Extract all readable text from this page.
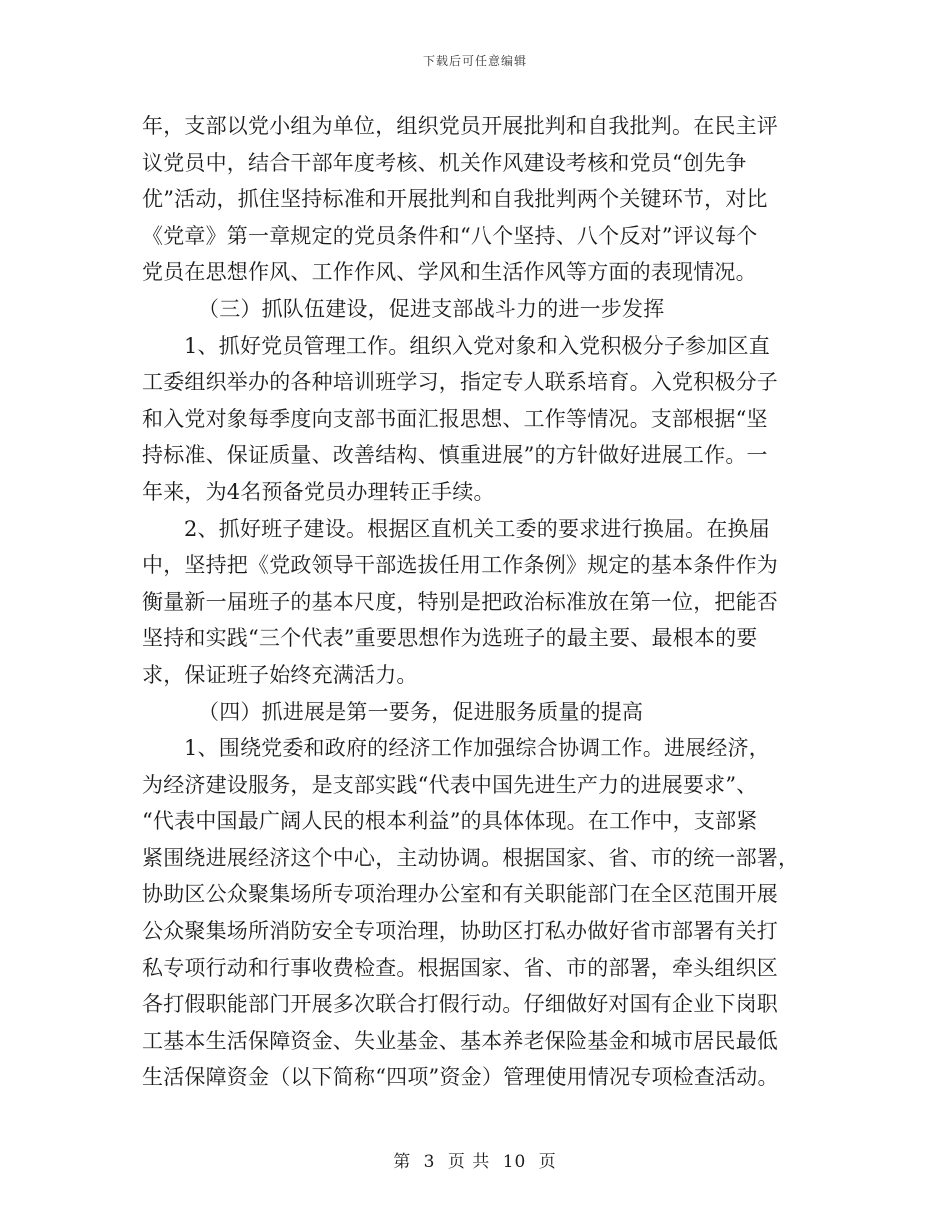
下载后可任意编辑
年，支部以党小组为单位，组织党员开展批判和自我批判。在民主评
议党员中，结合干部年度考核、机关作风建设考核和党员“创先争
优”活动，抓住坚持标准和开展批判和自我批判两个关键环节，对比
《党章》第一章规定的党员条件和“八个坚持、八个反对”评议每个
党员在思想作风、工作作风、学风和生活作风等方面的表现情况。
（三）抓队伍建设，促进支部战斗力的进一步发挥
1、抓好党员管理工作。组织入党对象和入党积极分子参加区直
工委组织举办的各种培训班学习，指定专人联系培育。入党积极分子
和入党对象每季度向支部书面汇报思想、工作等情况。支部根据“坚
持标准、保证质量、改善结构、慎重进展”的方针做好进展工作。一
年来，为4名预备党员办理转正手续。
2、抓好班子建设。根据区直机关工委的要求进行换届。在换届
中，坚持把《党政领导干部选拔任用工作条例》规定的基本条件作为
衡量新一届班子的基本尺度，特别是把政治标准放在第一位，把能否
坚持和实践“三个代表”重要思想作为选班子的最主要、最根本的要
求，保证班子始终充满活力。
（四）抓进展是第一要务，促进服务质量的提高
1、围绕党委和政府的经济工作加强综合协调工作。进展经济，
为经济建设服务，是支部实践“代表中国先进生产力的进展要求”、
“代表中国最广阔人民的根本利益”的具体体现。在工作中，支部紧
紧围绕进展经济这个中心，主动协调。根据国家、省、市的统一部署，
协助区公众聚集场所专项治理办公室和有关职能部门在全区范围开展
公众聚集场所消防安全专项治理，协助区打私办做好省市部署有关打
私专项行动和行事收费检查。根据国家、省、市的部署，牵头组织区
各打假职能部门开展多次联合打假行动。仔细做好对国有企业下岗职
工基本生活保障资金、失业基金、基本养老保险基金和城市居民最低
生活保障资金（以下简称“四项”资金）管理使用情况专项检查活动。
第 3 页 共 10 页
